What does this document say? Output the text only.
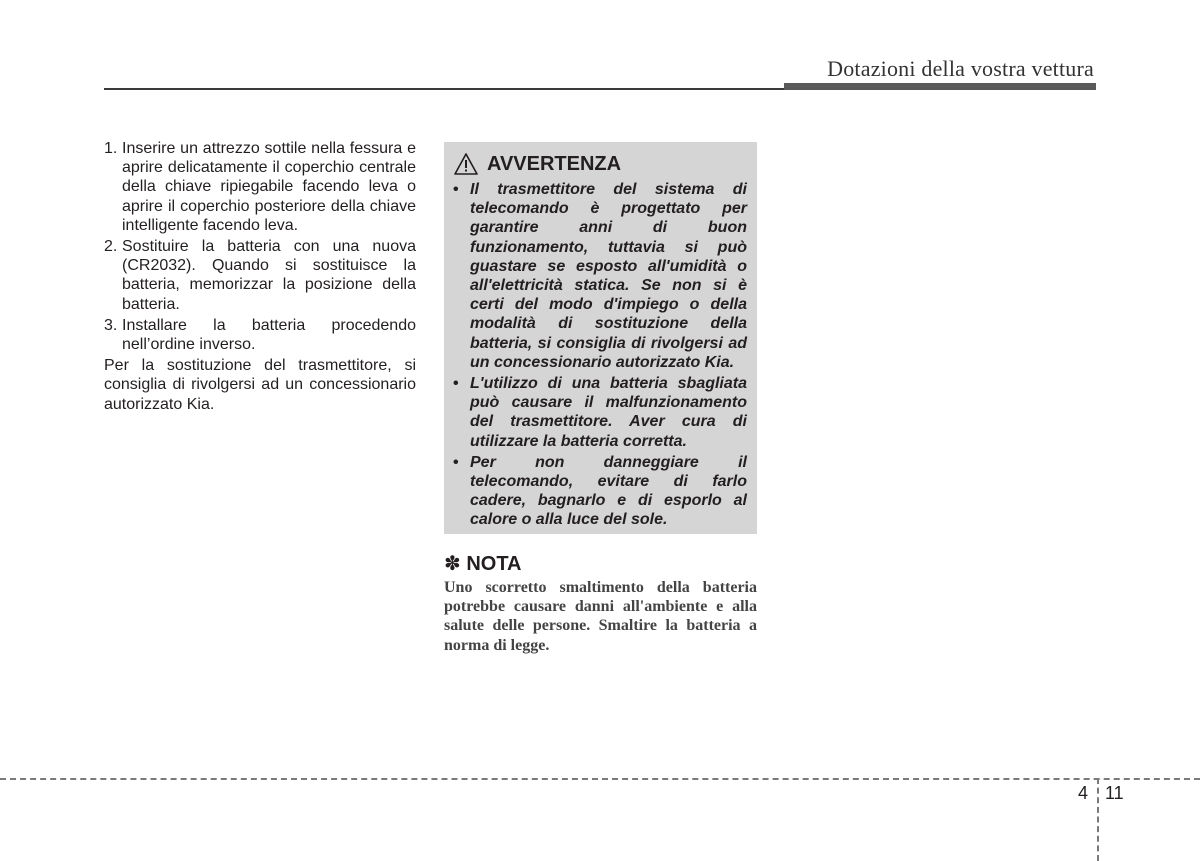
Dotazioni della vostra vettura
1. Inserire un attrezzo sottile nella fessura e aprire delicatamente il coperchio centrale della chiave ripiegabile facendo leva o aprire il coperchio posteriore della chiave intelligente facendo leva.
2. Sostituire la batteria con una nuova (CR2032). Quando si sostituisce la batteria, memorizzar la posizione della batteria.
3. Installare la batteria procedendo nell’ordine inverso.
Per la sostituzione del trasmettitore, si consiglia di rivolgersi ad un concessionario autorizzato Kia.
AVVERTENZA
• Il trasmettitore del sistema di telecomando è progettato per garantire anni di buon funzionamento, tuttavia si può guastare se esposto all'umidità o all'elettricità statica. Se non si è certi del modo d'impiego o della modalità di sostituzione della batteria, si consiglia di rivolgersi ad un concessionario autorizzato Kia.
• L'utilizzo di una batteria sbagliata può causare il malfunzionamento del trasmettitore. Aver cura di utilizzare la batteria corretta.
• Per non danneggiare il telecomando, evitare di farlo cadere, bagnarlo e di esporlo al calore o alla luce del sole.
✽ NOTA
Uno scorretto smaltimento della batteria potrebbe causare danni all'ambiente e alla salute delle persone. Smaltire la batteria a norma di legge.
4 11
